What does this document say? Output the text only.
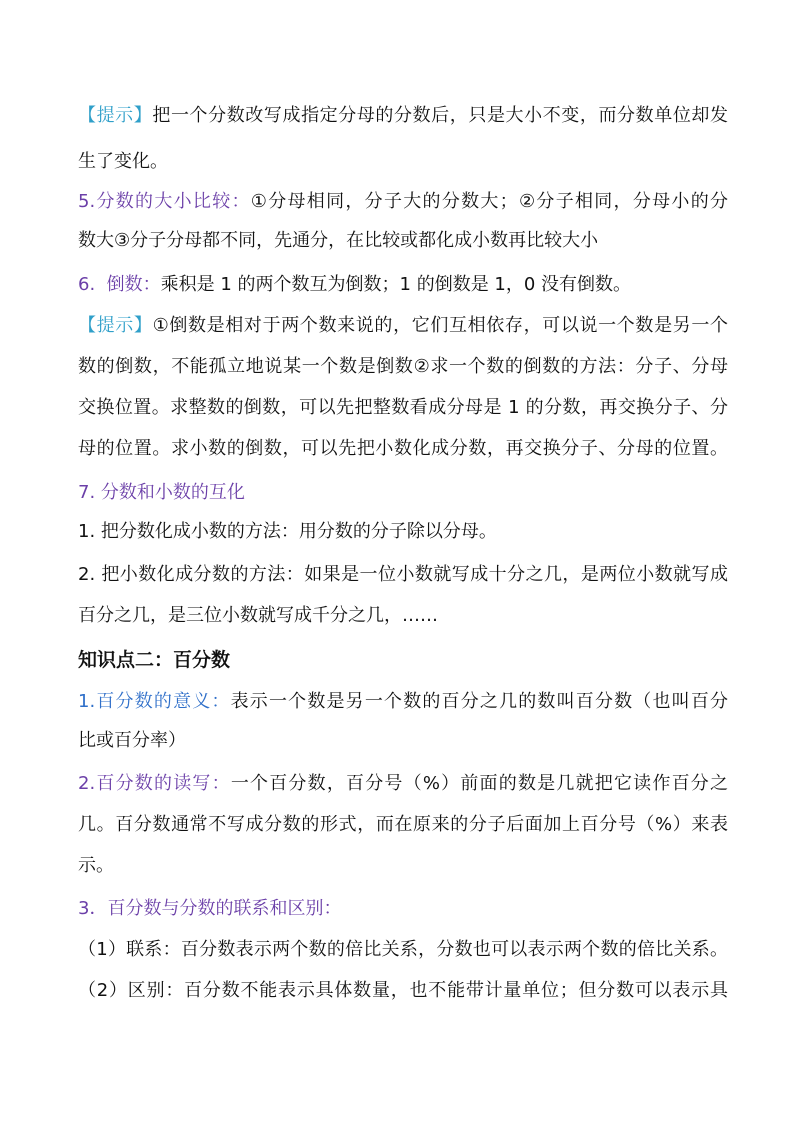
【提示】把一个分数改写成指定分母的分数后，只是大小不变，而分数单位却发
生了变化。
5.分数的大小比较：①分母相同，分子大的分数大；②分子相同，分母小的分
数大③分子分母都不同，先通分，在比较或都化成小数再比较大小
6. 倒数：乘积是 1 的两个数互为倒数；1 的倒数是 1，0 没有倒数。
【提示】①倒数是相对于两个数来说的，它们互相依存，可以说一个数是另一个
数的倒数，不能孤立地说某一个数是倒数②求一个数的倒数的方法：分子、分母
交换位置。求整数的倒数，可以先把整数看成分母是 1 的分数，再交换分子、分
母的位置。求小数的倒数，可以先把小数化成分数，再交换分子、分母的位置。
7. 分数和小数的互化
1. 把分数化成小数的方法：用分数的分子除以分母。
2. 把小数化成分数的方法：如果是一位小数就写成十分之几，是两位小数就写成
百分之几，是三位小数就写成千分之几，……
知识点二：百分数
1.百分数的意义：表示一个数是另一个数的百分之几的数叫百分数（也叫百分
比或百分率）
2.百分数的读写：一个百分数，百分号（%）前面的数是几就把它读作百分之
几。百分数通常不写成分数的形式，而在原来的分子后面加上百分号（%）来表
示。
3．百分数与分数的联系和区别：
（1）联系：百分数表示两个数的倍比关系，分数也可以表示两个数的倍比关系。
（2）区别：百分数不能表示具体数量，也不能带计量单位；但分数可以表示具
